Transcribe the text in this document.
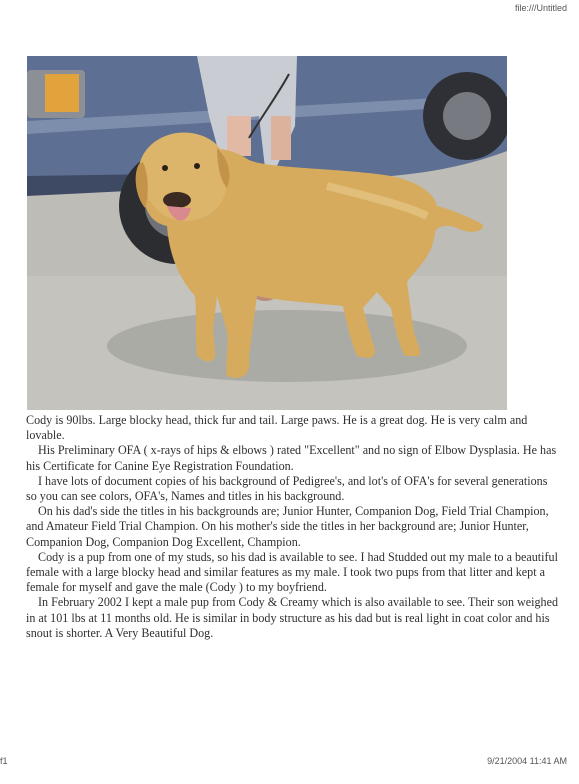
file:///Untitled

Cody is 90lbs. Large blocky head, thick fur and tail. Large paws. He is a great dog. He is very calm and lovable.

His Preliminary OFA ( x-rays of hips & elbows ) rated "Excellent" and no sign of Elbow Dysplasia. He has his Certificate for Canine Eye Registration Foundation.

I have lots of document copies of his background of Pedigree's, and lot's of OFA's for several generations so you can see colors, OFA's, Names and titles in his background.

On his dad's side the titles in his backgrounds are; Junior Hunter, Companion Dog, Field Trial Champion, and Amateur Field Trial Champion. On his mother's side the titles in her background are; Junior Hunter, Companion Dog, Companion Dog Excellent, Champion.

Cody is a pup from one of my studs, so his dad is available to see. I had Studded out my male to a beautiful female with a large blocky head and similar features as my male. I took two pups from that litter and kept a female for myself and gave the male (Cody ) to my boyfriend.

In February 2002 I kept a male pup from Cody & Creamy which is also available to see. Their son weighed in at 101 lbs at 11 months old. He is similar in body structure as his dad but is real light in coat color and his snout is shorter. A Very Beautiful Dog.

f1	9/21/2004 11:41 AM
